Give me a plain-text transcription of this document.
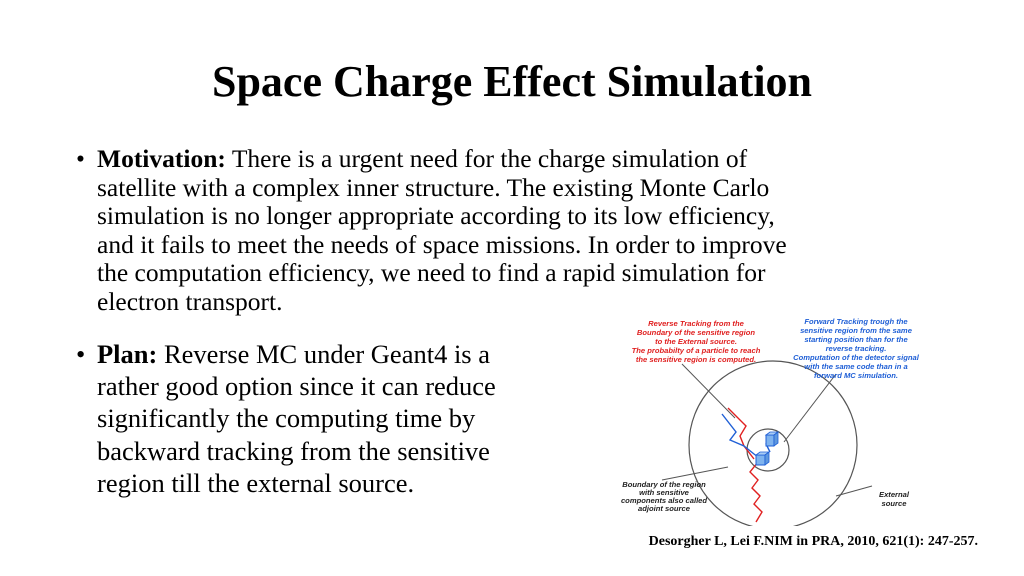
Space Charge Effect Simulation
• Motivation: There is a urgent need for the charge simulation of
satellite with a complex inner structure. The existing Monte Carlo
simulation is no longer appropriate according to its low efficiency,
and it fails to meet the needs of space missions. In order to improve
the computation efficiency, we need to find a rapid simulation for
electron transport.
• Plan: Reverse MC under Geant4 is a
rather good option since it can reduce
significantly the computing time by
backward tracking from the sensitive
region till the external source.
Reverse Tracking from the
Boundary of the sensitive region
to the External source.
The probabilty of a particle to reach
the sensitive region is computed.
Forward Tracking trough the
sensitive region from the same
starting position than for the
reverse tracking.
Computation of the detector signal
with the same code than in a
forward MC simulation.
Boundary of the region
with sensitive
components also called
adjoint source
External
source
Desorgher L, Lei F.NIM in PRA, 2010, 621(1): 247-257.
